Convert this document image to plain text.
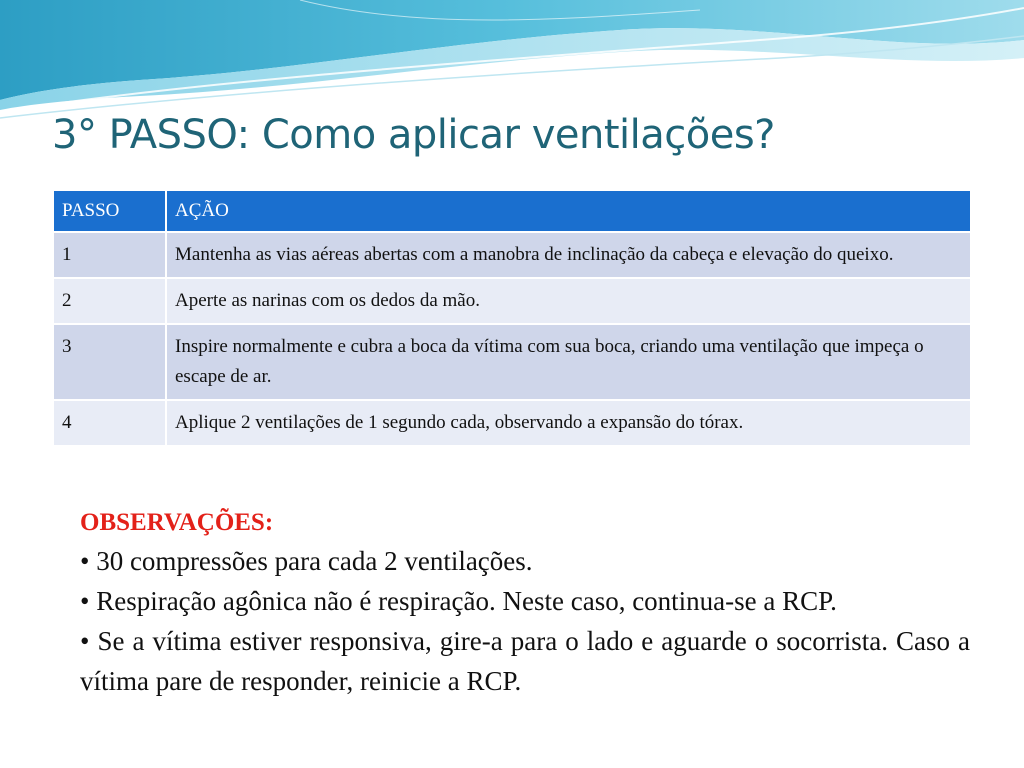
3° PASSO: Como aplicar ventilações?
PASSO	AÇÃO
1	Mantenha as vias aéreas abertas com a manobra de inclinação da cabeça e elevação do queixo.
2	Aperte as narinas com os dedos da mão.
3	Inspire normalmente e cubra a boca da vítima com sua boca, criando uma ventilação que impeça o escape de ar.
4	Aplique 2 ventilações de 1 segundo cada, observando a expansão do tórax.
OBSERVAÇÕES:
• 30 compressões para cada 2 ventilações.
• Respiração agônica não é respiração. Neste caso, continua-se a RCP.
• Se a vítima estiver responsiva, gire-a para o lado e aguarde o socorrista. Caso a vítima pare de responder, reinicie a RCP.
